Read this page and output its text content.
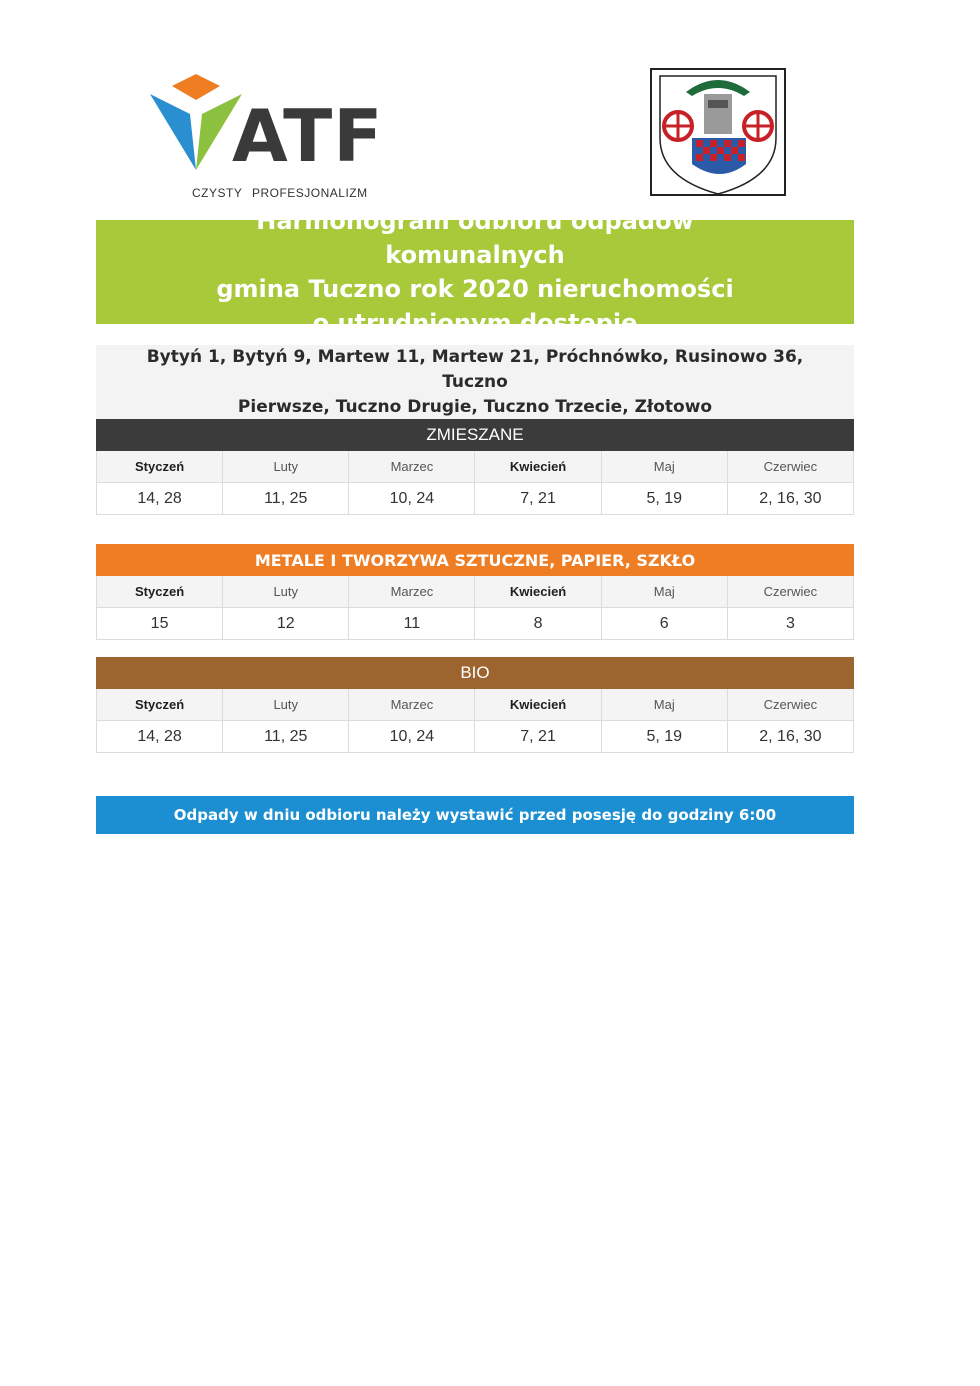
ATF
CZYSTY PROFESJONALIZM
Harmonogram odbioru odpadów komunalnych
gmina Tuczno rok 2020 nieruchomości
o utrudnionym dostępie

Bytyń 1, Bytyń 9, Martew 11, Martew 21, Próchnówko, Rusinowo 36, Tuczno
Pierwsze, Tuczno Drugie, Tuczno Trzecie, Złotowo

ZMIESZANE
Styczeń	Luty	Marzec	Kwiecień	Maj	Czerwiec
14, 28	11, 25	10, 24	7, 21	5, 19	2, 16, 30
METALE I TWORZYWA SZTUCZNE, PAPIER, SZKŁO
Styczeń	Luty	Marzec	Kwiecień	Maj	Czerwiec
15	12	11	8	6	3
BIO
Styczeń	Luty	Marzec	Kwiecień	Maj	Czerwiec
14, 28	11, 25	10, 24	7, 21	5, 19	2, 16, 30
Odpady w dniu odbioru należy wystawić przed posesję do godziny 6:00
